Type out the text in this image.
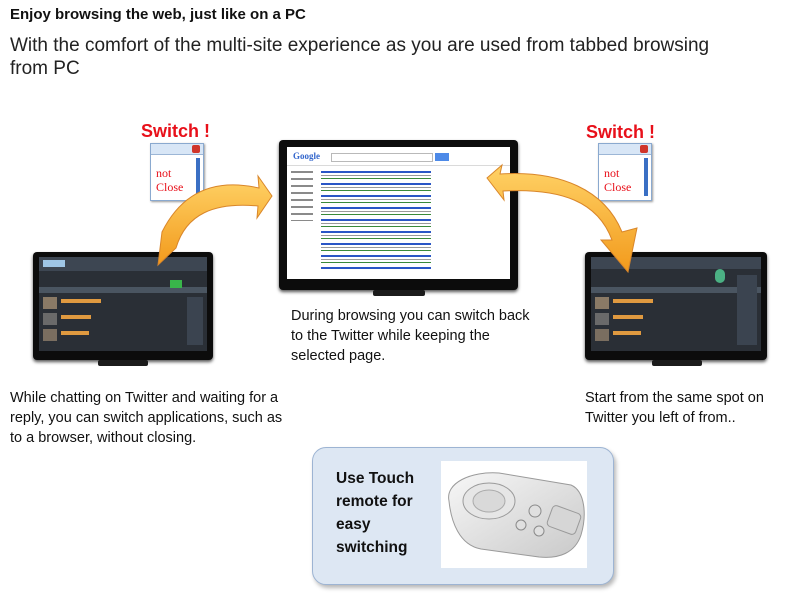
Enjoy browsing the web, just like on a PC
With the comfort of the multi-site experience as you are used from tabbed browsing from PC
Switch !
not
Close
Switch !
not
Close
Google
During browsing you can switch back to the Twitter while keeping the selected page.
While chatting on Twitter and waiting for a reply, you can switch applications, such as to a browser, without closing.
Start from the same spot on Twitter you left of from..
Use Touch remote for easy switching
